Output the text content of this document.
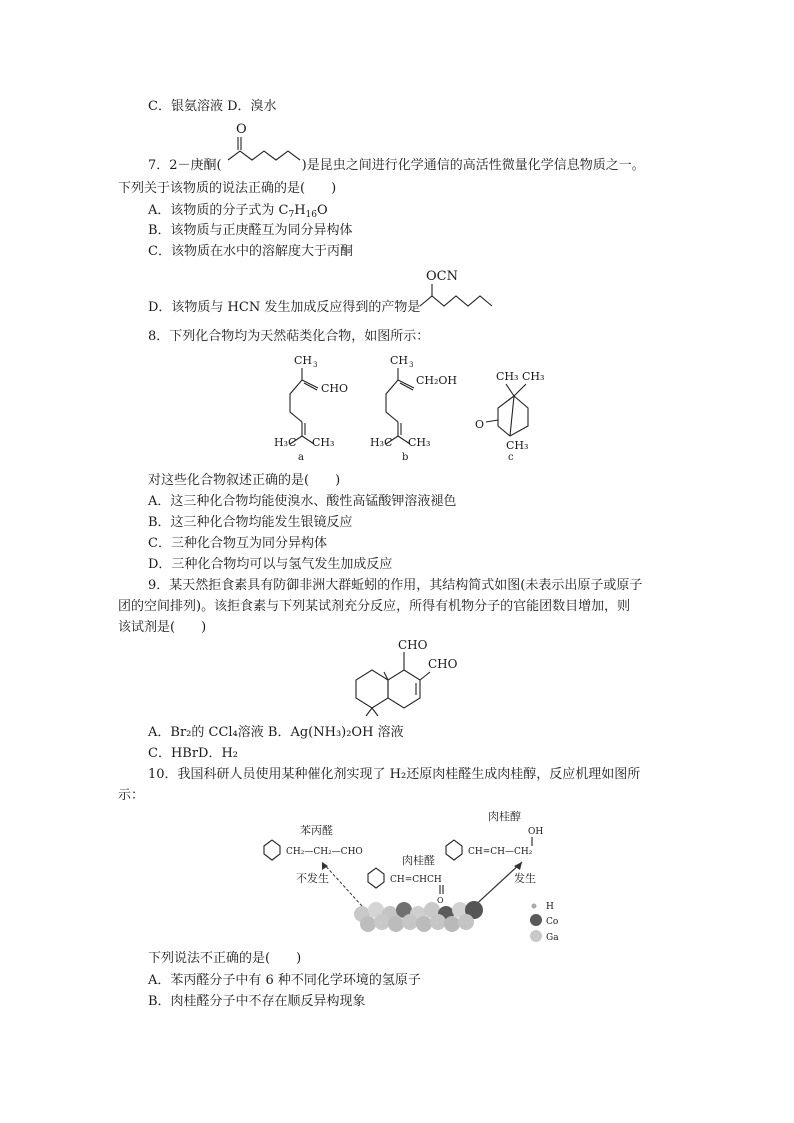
C．银氨溶液 D．溴水
7．2－庚酮(	)是昆虫之间进行化学通信的高活性微量化学信息物质之一。
O
下列关于该物质的说法正确的是(　　)
A．该物质的分子式为 $C_7H_{16}O$
B．该物质与正庚醛互为同分异构体
C．该物质在水中的溶解度大于丙酮
D．该物质与 HCN 发生加成反应得到的产物是
OCN
8．下列化合物均为天然萜类化合物，如图所示：
CH 3
CHO
H₃C CH₃
a
CH 3
CH₂OH
H₃C CH₃
b
CH₃ CH₃
O
CH₃
c
对这些化合物叙述正确的是(　　)
A．这三种化合物均能使溴水、酸性高锰酸钾溶液褪色
B．这三种化合物均能发生银镜反应
C．三种化合物互为同分异构体
D．三种化合物均可以与氢气发生加成反应
9．某天然拒食素具有防御非洲大群蚯蚓的作用，其结构简式如图(未表示出原子或原子
团的空间排列)。该拒食素与下列某试剂充分反应，所得有机物分子的官能团数目增加，则
该试剂是(　　)
CHO
CHO
A．Br₂的 CCl₄溶液 B．Ag(NH₃)₂OH 溶液
C．HBrD．H₂
10．我国科研人员使用某种催化剂实现了 H₂还原肉桂醛生成肉桂醇，反应机理如图所
示：
苯丙醛
CH₂—CH₂—CHO
肉桂醇
OH
CH=CH—CH₂
肉桂醛
CH=CHCH
O
不发生	发生
H
Co
Ga
下列说法不正确的是(　　)
A．苯丙醛分子中有 6 种不同化学环境的氢原子
B．肉桂醛分子中不存在顺反异构现象
